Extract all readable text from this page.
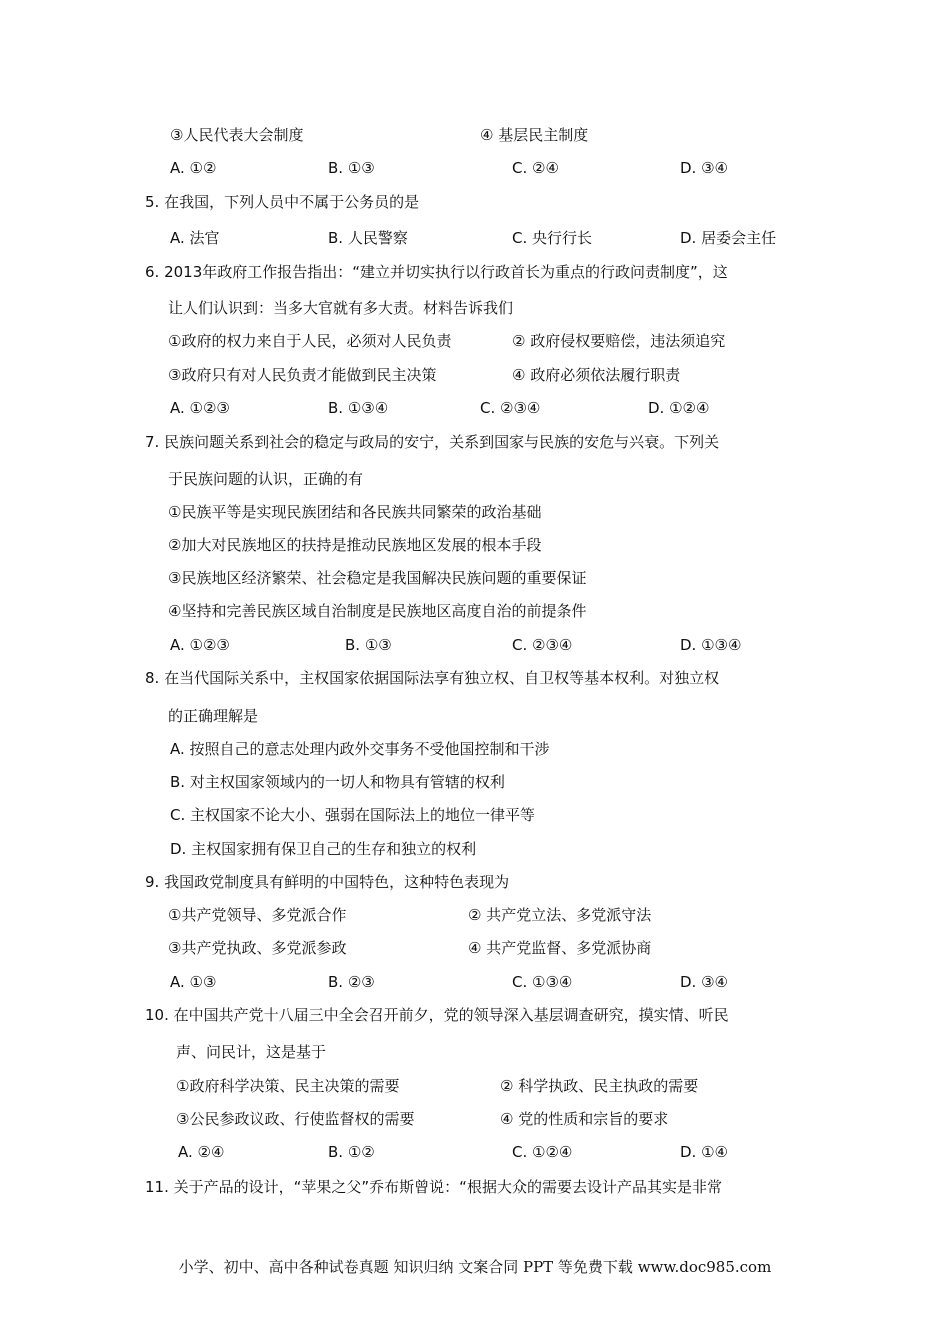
③人民代表大会制度	④ 基层民主制度
A. ①②	B. ①③	C. ②④	D. ③④
5. 在我国，下列人员中不属于公务员的是
A. 法官	B. 人民警察	C. 央行行长	D. 居委会主任
6. 2013年政府工作报告指出：“建立并切实执行以行政首长为重点的行政问责制度”，这
让人们认识到：当多大官就有多大责。材料告诉我们
①政府的权力来自于人民，必须对人民负责	② 政府侵权要赔偿，违法须追究
③政府只有对人民负责才能做到民主决策	④ 政府必须依法履行职责
A. ①②③	B. ①③④	C. ②③④	D. ①②④
7. 民族问题关系到社会的稳定与政局的安宁，关系到国家与民族的安危与兴衰。下列关
于民族问题的认识，正确的有
①民族平等是实现民族团结和各民族共同繁荣的政治基础
②加大对民族地区的扶持是推动民族地区发展的根本手段
③民族地区经济繁荣、社会稳定是我国解决民族问题的重要保证
④坚持和完善民族区域自治制度是民族地区高度自治的前提条件
A. ①②③	B. ①③	C. ②③④	D. ①③④
8. 在当代国际关系中，主权国家依据国际法享有独立权、自卫权等基本权利。对独立权
的正确理解是
A. 按照自己的意志处理内政外交事务不受他国控制和干涉
B. 对主权国家领域内的一切人和物具有管辖的权利
C. 主权国家不论大小、强弱在国际法上的地位一律平等
D. 主权国家拥有保卫自己的生存和独立的权利
9. 我国政党制度具有鲜明的中国特色，这种特色表现为
①共产党领导、多党派合作	② 共产党立法、多党派守法
③共产党执政、多党派参政	④ 共产党监督、多党派协商
A. ①③	B. ②③	C. ①③④	D. ③④
10. 在中国共产党十八届三中全会召开前夕，党的领导深入基层调查研究，摸实情、听民
声、问民计，这是基于
①政府科学决策、民主决策的需要	② 科学执政、民主执政的需要
③公民参政议政、行使监督权的需要	④ 党的性质和宗旨的要求
A. ②④	B. ①②	C. ①②④	D. ①④
11. 关于产品的设计，“苹果之父”乔布斯曾说：“根据大众的需要去设计产品其实是非常
小学、初中、高中各种试卷真题 知识归纳 文案合同 PPT 等免费下载 www.doc985.com
